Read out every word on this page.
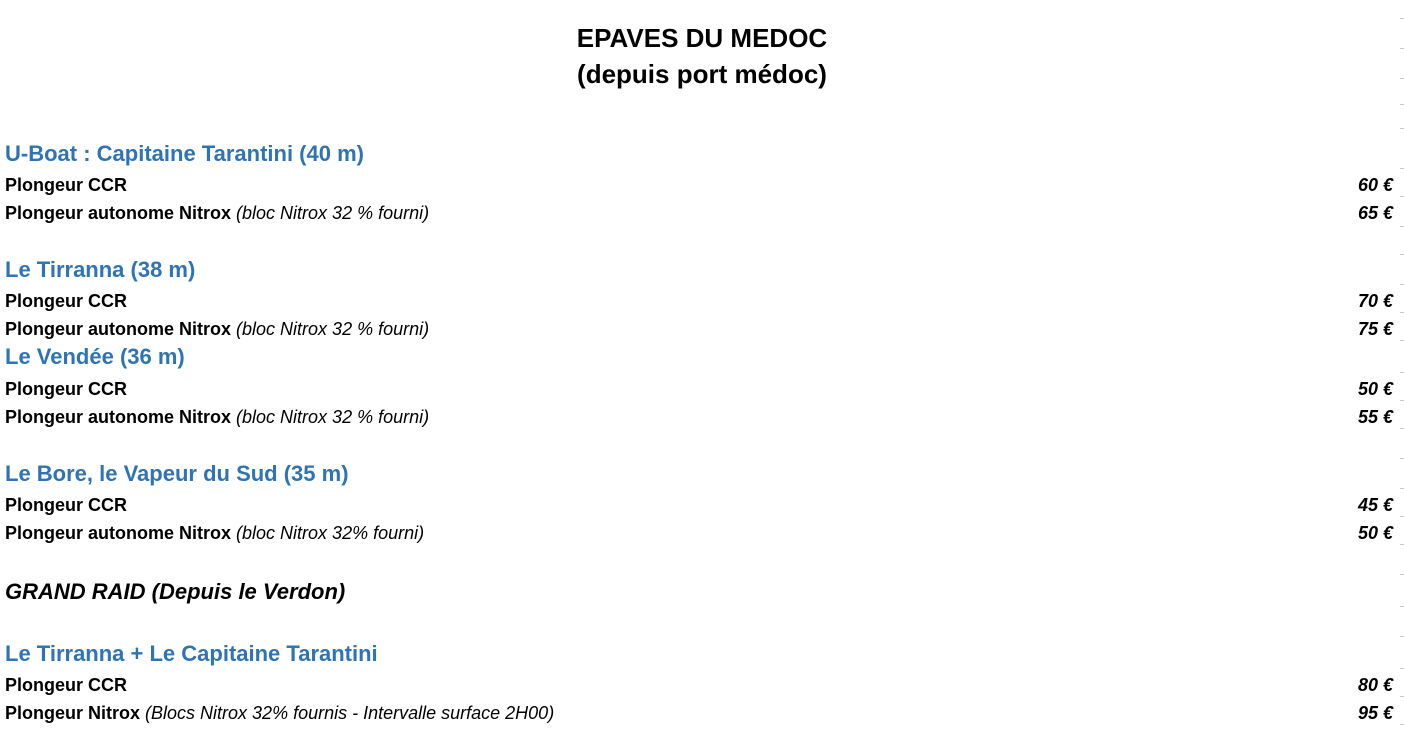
EPAVES DU MEDOC
(depuis port médoc)
U-Boat : Capitaine Tarantini (40 m)
Plongeur CCR	60 €
Plongeur autonome Nitrox (bloc Nitrox 32 % fourni)	65 €
Le Tirranna (38 m)
Plongeur CCR	70 €
Plongeur autonome Nitrox (bloc Nitrox 32 % fourni)	75 €
Le Vendée (36 m)
Plongeur CCR	50 €
Plongeur autonome Nitrox (bloc Nitrox 32 % fourni)	55 €
Le Bore, le Vapeur du Sud (35 m)
Plongeur CCR	45 €
Plongeur autonome Nitrox (bloc Nitrox 32% fourni)	50 €
GRAND RAID (Depuis le Verdon)
Le Tirranna + Le Capitaine Tarantini
Plongeur CCR	80 €
Plongeur Nitrox (Blocs Nitrox 32% fournis - Intervalle surface 2H00)	95 €
